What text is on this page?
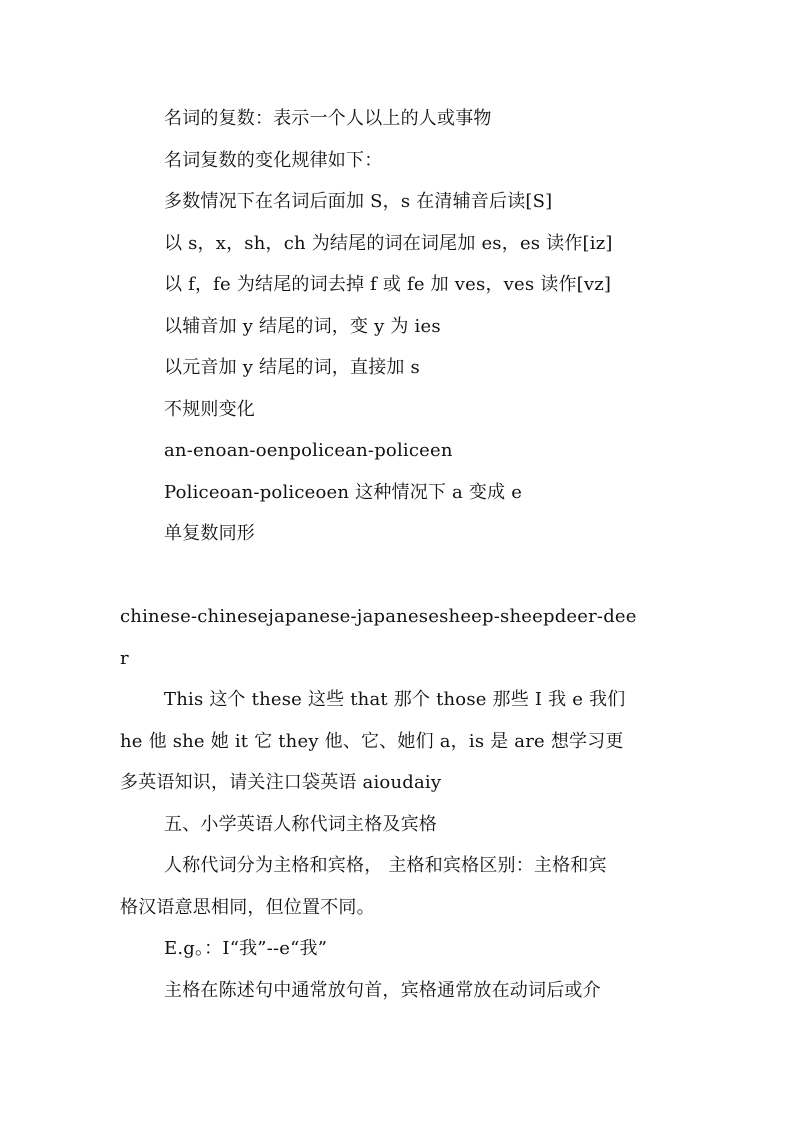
名词的复数：表示一个人以上的人或事物
名词复数的变化规律如下：
多数情况下在名词后面加 S，s 在清辅音后读[S]
以 s，x，sh，ch 为结尾的词在词尾加 es，es 读作[iz]
以 f，fe 为结尾的词去掉 f 或 fe 加 ves，ves 读作[vz]
以辅音加 y 结尾的词，变 y 为 ies
以元音加 y 结尾的词，直接加 s
不规则变化
an-enoan-oenpolicean-policeen
Policeoan-policeoen 这种情况下 a 变成 e
单复数同形
chinese-chinesejapanese-japanesesheep-sheepdeer-dee
r
This 这个 these 这些 that 那个 those 那些 I 我 e 我们
he 他 she 她 it 它 they 他、它、她们 a，is 是 are 想学习更
多英语知识，请关注口袋英语 aioudaiy
五、小学英语人称代词主格及宾格
人称代词分为主格和宾格， 主格和宾格区别：主格和宾
格汉语意思相同，但位置不同。
E.g。：I“我”--e“我”
主格在陈述句中通常放句首，宾格通常放在动词后或介
